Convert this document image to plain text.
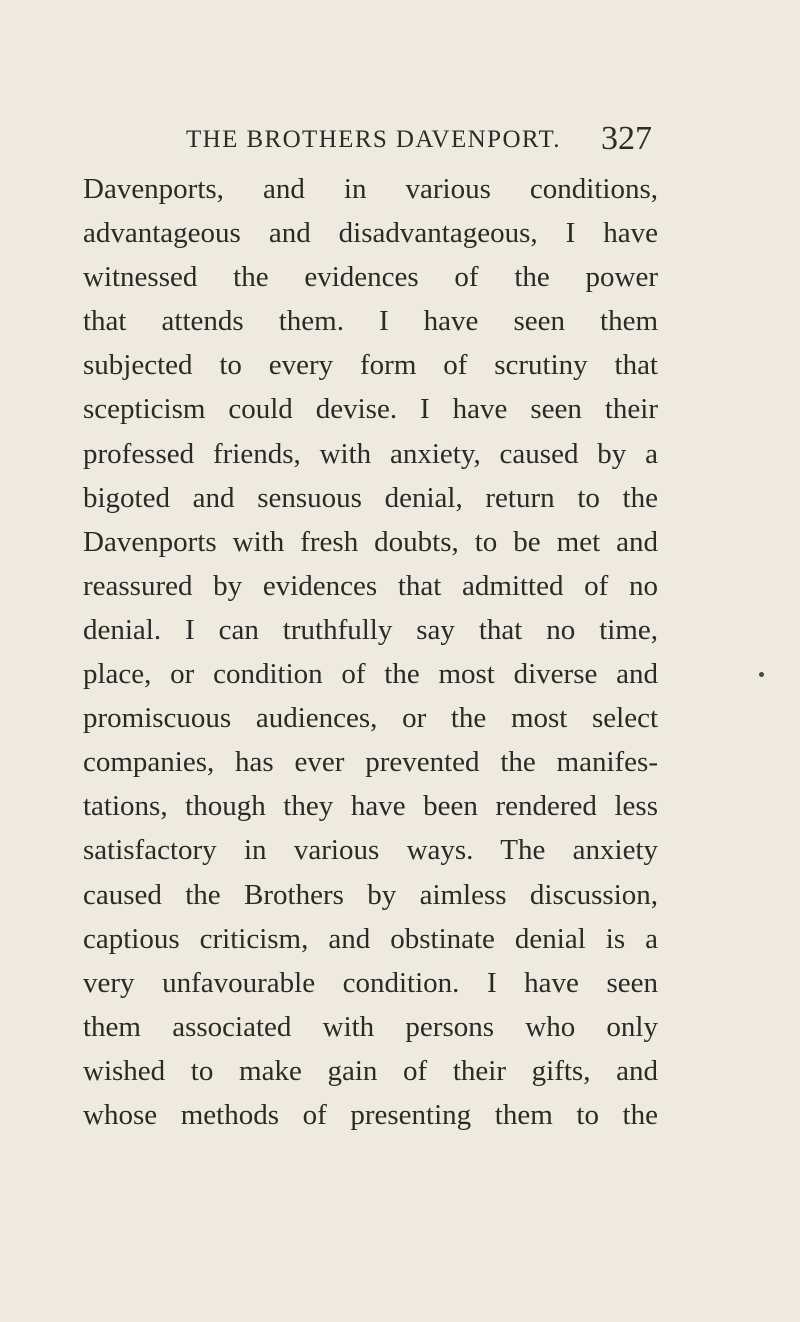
THE BROTHERS DAVENPORT. 327
Davenports, and in various conditions,
advantageous and disadvantageous, I have
witnessed the evidences of the power
that attends them. I have seen them
subjected to every form of scrutiny that
scepticism could devise. I have seen their
professed friends, with anxiety, caused by a
bigoted and sensuous denial, return to the
Davenports with fresh doubts, to be met and
reassured by evidences that admitted of no
denial. I can truthfully say that no time,
place, or condition of the most diverse and
promiscuous audiences, or the most select
companies, has ever prevented the manifes-
tations, though they have been rendered less
satisfactory in various ways. The anxiety
caused the Brothers by aimless discussion,
captious criticism, and obstinate denial is a
very unfavourable condition. I have seen
them associated with persons who only
wished to make gain of their gifts, and
whose methods of presenting them to the
